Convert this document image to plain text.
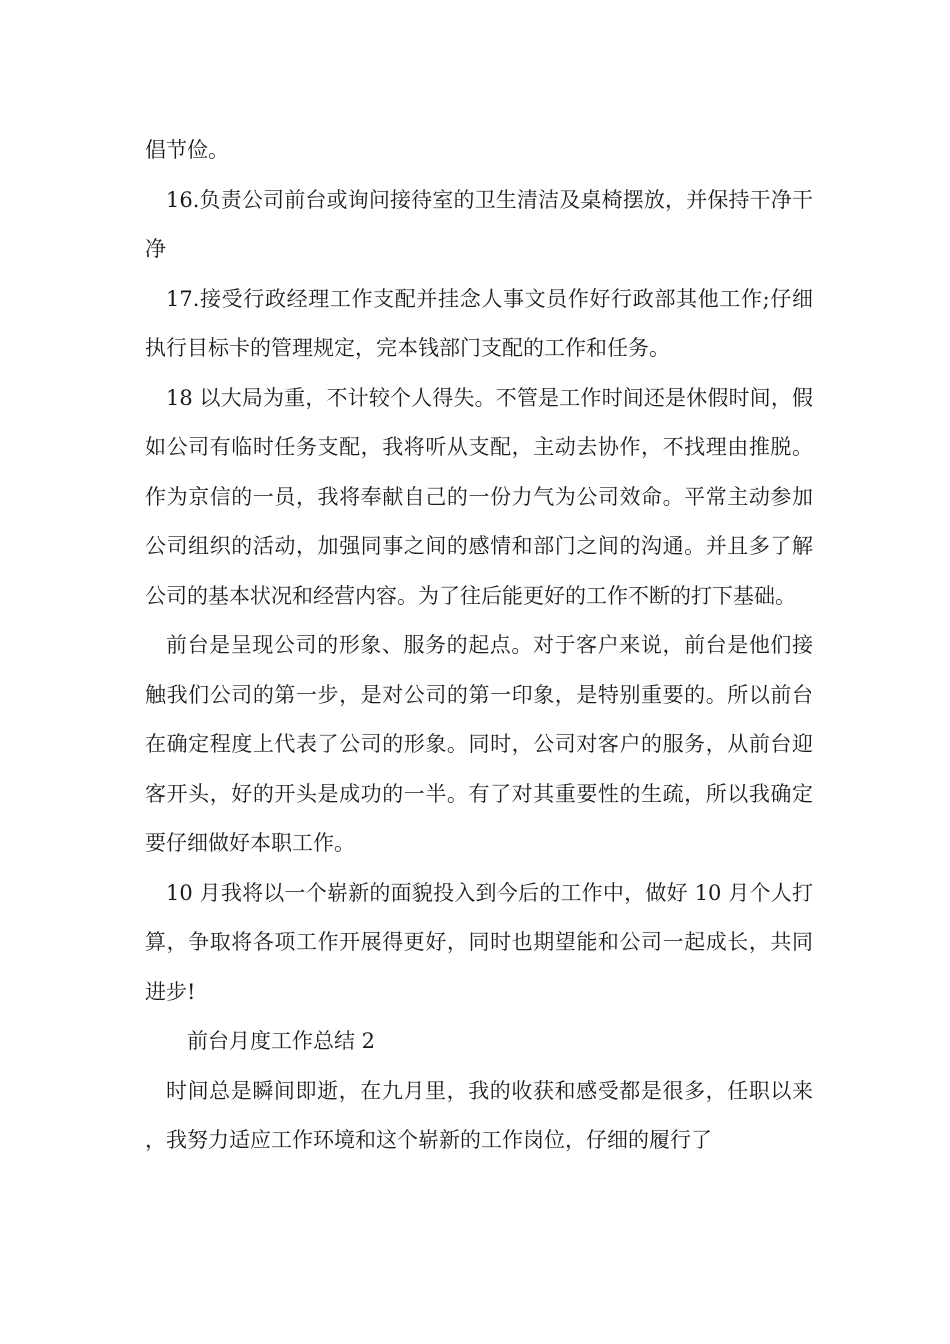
倡节俭。

16.负责公司前台或询问接待室的卫生清洁及桌椅摆放，并保持干净干净

17.接受行政经理工作支配并挂念人事文员作好行政部其他工作;仔细执行目标卡的管理规定，完本钱部门支配的工作和任务。

18 以大局为重，不计较个人得失。不管是工作时间还是休假时间，假如公司有临时任务支配，我将听从支配，主动去协作，不找理由推脱。作为京信的一员，我将奉献自己的一份力气为公司效命。平常主动参加公司组织的活动，加强同事之间的感情和部门之间的沟通。并且多了解公司的基本状况和经营内容。为了往后能更好的工作不断的打下基础。

前台是呈现公司的形象、服务的起点。对于客户来说，前台是他们接触我们公司的第一步，是对公司的第一印象，是特别重要的。所以前台在确定程度上代表了公司的形象。同时，公司对客户的服务，从前台迎客开头，好的开头是成功的一半。有了对其重要性的生疏，所以我确定要仔细做好本职工作。

10 月我将以一个崭新的面貌投入到今后的工作中，做好 10 月个人打算，争取将各项工作开展得更好，同时也期望能和公司一起成长，共同进步!

前台月度工作总结 2

时间总是瞬间即逝，在九月里，我的收获和感受都是很多，任职以来，我努力适应工作环境和这个崭新的工作岗位，仔细的履行了
